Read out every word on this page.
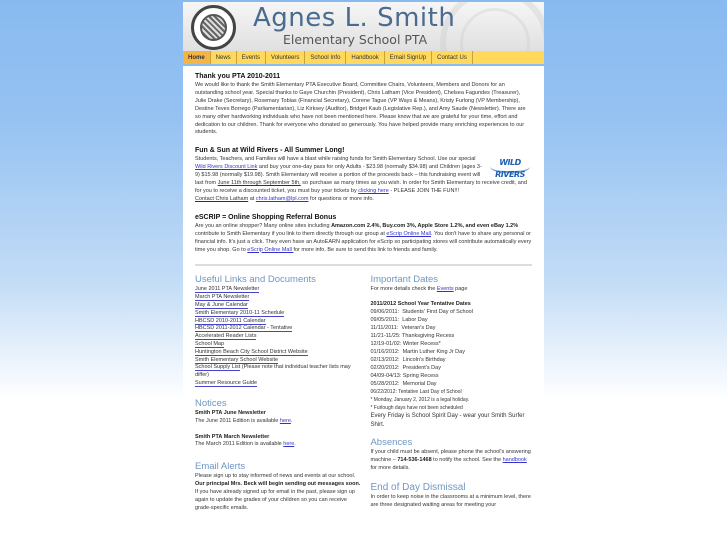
Agnes L. Smith
Elementary School PTA
Home	News	Events	Volunteers	School Info	Handbook	Email SignUp	Contact Us
Thank you PTA 2010-2011

We would like to thank the Smith Elementary PTA Executive Board, Committee Chairs, Volunteers, Members and Donors for an outstanding school year. Special thanks to Gaye Churchin (President), Chris Latham (Vice President), Chelsea Fagundes (Treasurer), Julie Drake (Secretary), Rosemary Tobias (Financial Secretary), Corene Tague (VP Ways & Means), Kristy Furlong (VP Membership), Destine Teves Borrego (Parliamentarian), Liz Kirksey (Auditor), Bridget Kaub (Legislative Rep.), and Amy Saude (Newsletter). There are so many other hardworking individuals who have not been mentioned here. Please know that we are grateful for your time, effort and dedication to our children. Thank for everyone who donated so generously. You have helped provide many enriching experiences to our students.

Fun & Sun at Wild Rivers - All Summer Long!
WILD RIVERS

Students, Teachers, and Families will have a blast while raising funds for Smith Elementary School. Use our special Wild Rivers Discount Link and buy your one-day pass for only Adults - $23.98 (normally $34.98) and Children (ages 3-9) $15.98 (normally $19.98). Smith Elementary will receive a portion of the proceeds back – this fundraising event will last from June 11th through September 5th, so purchase as many times as you wish. In order for Smith Elementary to receive credit, and for you to receive a discounted ticket, you must buy your tickets by clicking here - PLEASE JOIN THE FUN!!!
Contact Chris Latham at chris.latham@lpl.com for questions or more info.

eSCRIP = Online Shopping Referral Bonus

Are you an online shopper? Many online sites including Amazon.com 2.4%, Buy.com 3%, Apple Store 1.2%, and even eBay 1.2% contribute to Smith Elementary if you link to them directly through our group at eScrip Online Mall. You don't have to share any personal or financial info. It's just a click. They even have an AutoEARN application for eScrip so participating stores will contribute automatically every time you shop. Go to eScrip Online Mall for more info. Be sure to send this link to friends and family.

Useful Links and Documents
June 2011 PTA Newsletter
March PTA Newsletter
May & June Calendar
Smith Elementary 2010-11 Schedule
HBCSD 2010-2011 Calendar
HBCSD 2011-2012 Calendar - Tentative
Accelerated Reader Lists
School Map
Huntington Beach City School District Website
Smith Elementary School Website
School Supply List (Please note that individual teacher lists may differ)
Summer Resource Guide
Notices
Smith PTA June Newsletter
The June 2011 Edition is available here.
Smith PTA March Newsletter
The March 2011 Edition is available here.
Email Alerts
Please sign up to stay informed of news and events at our school.
Our principal Mrs. Beck will begin sending out messages soon.
If you have already signed up for email in the past, please sign up again to update the grades of your children so you can receive grade-specific emails.
Important Dates
For more details check the Events page
2011/2012 School Year Tentative Dates
09/06/2011: Students' First Day of School
09/05/2011: Labor Day
11/11/2011: Veteran's Day
11/21-11/25: Thanksgiving Recess
12/19-01/02: Winter Recess*
01/16/2012: Martin Luther King Jr Day
02/13/2012: Lincoln's Birthday
02/20/2012: President's Day
04/09-04/13: Spring Recess
05/28/2012: Memorial Day
06/22/2012: Tentative Last Day of School
* Monday, January 2, 2012 is a legal holiday.
* Furlough days have not been scheduled
Every Friday is School Spirit Day - wear your Smith Surfer Shirt.
Absences
If your child must be absent, please phone the school's answering machine – 714-536-1468 to notify the school. See the handbook for more details.
End of Day Dismissal
In order to keep noise in the classrooms at a minimum level, there are three designated waiting areas for meeting your
